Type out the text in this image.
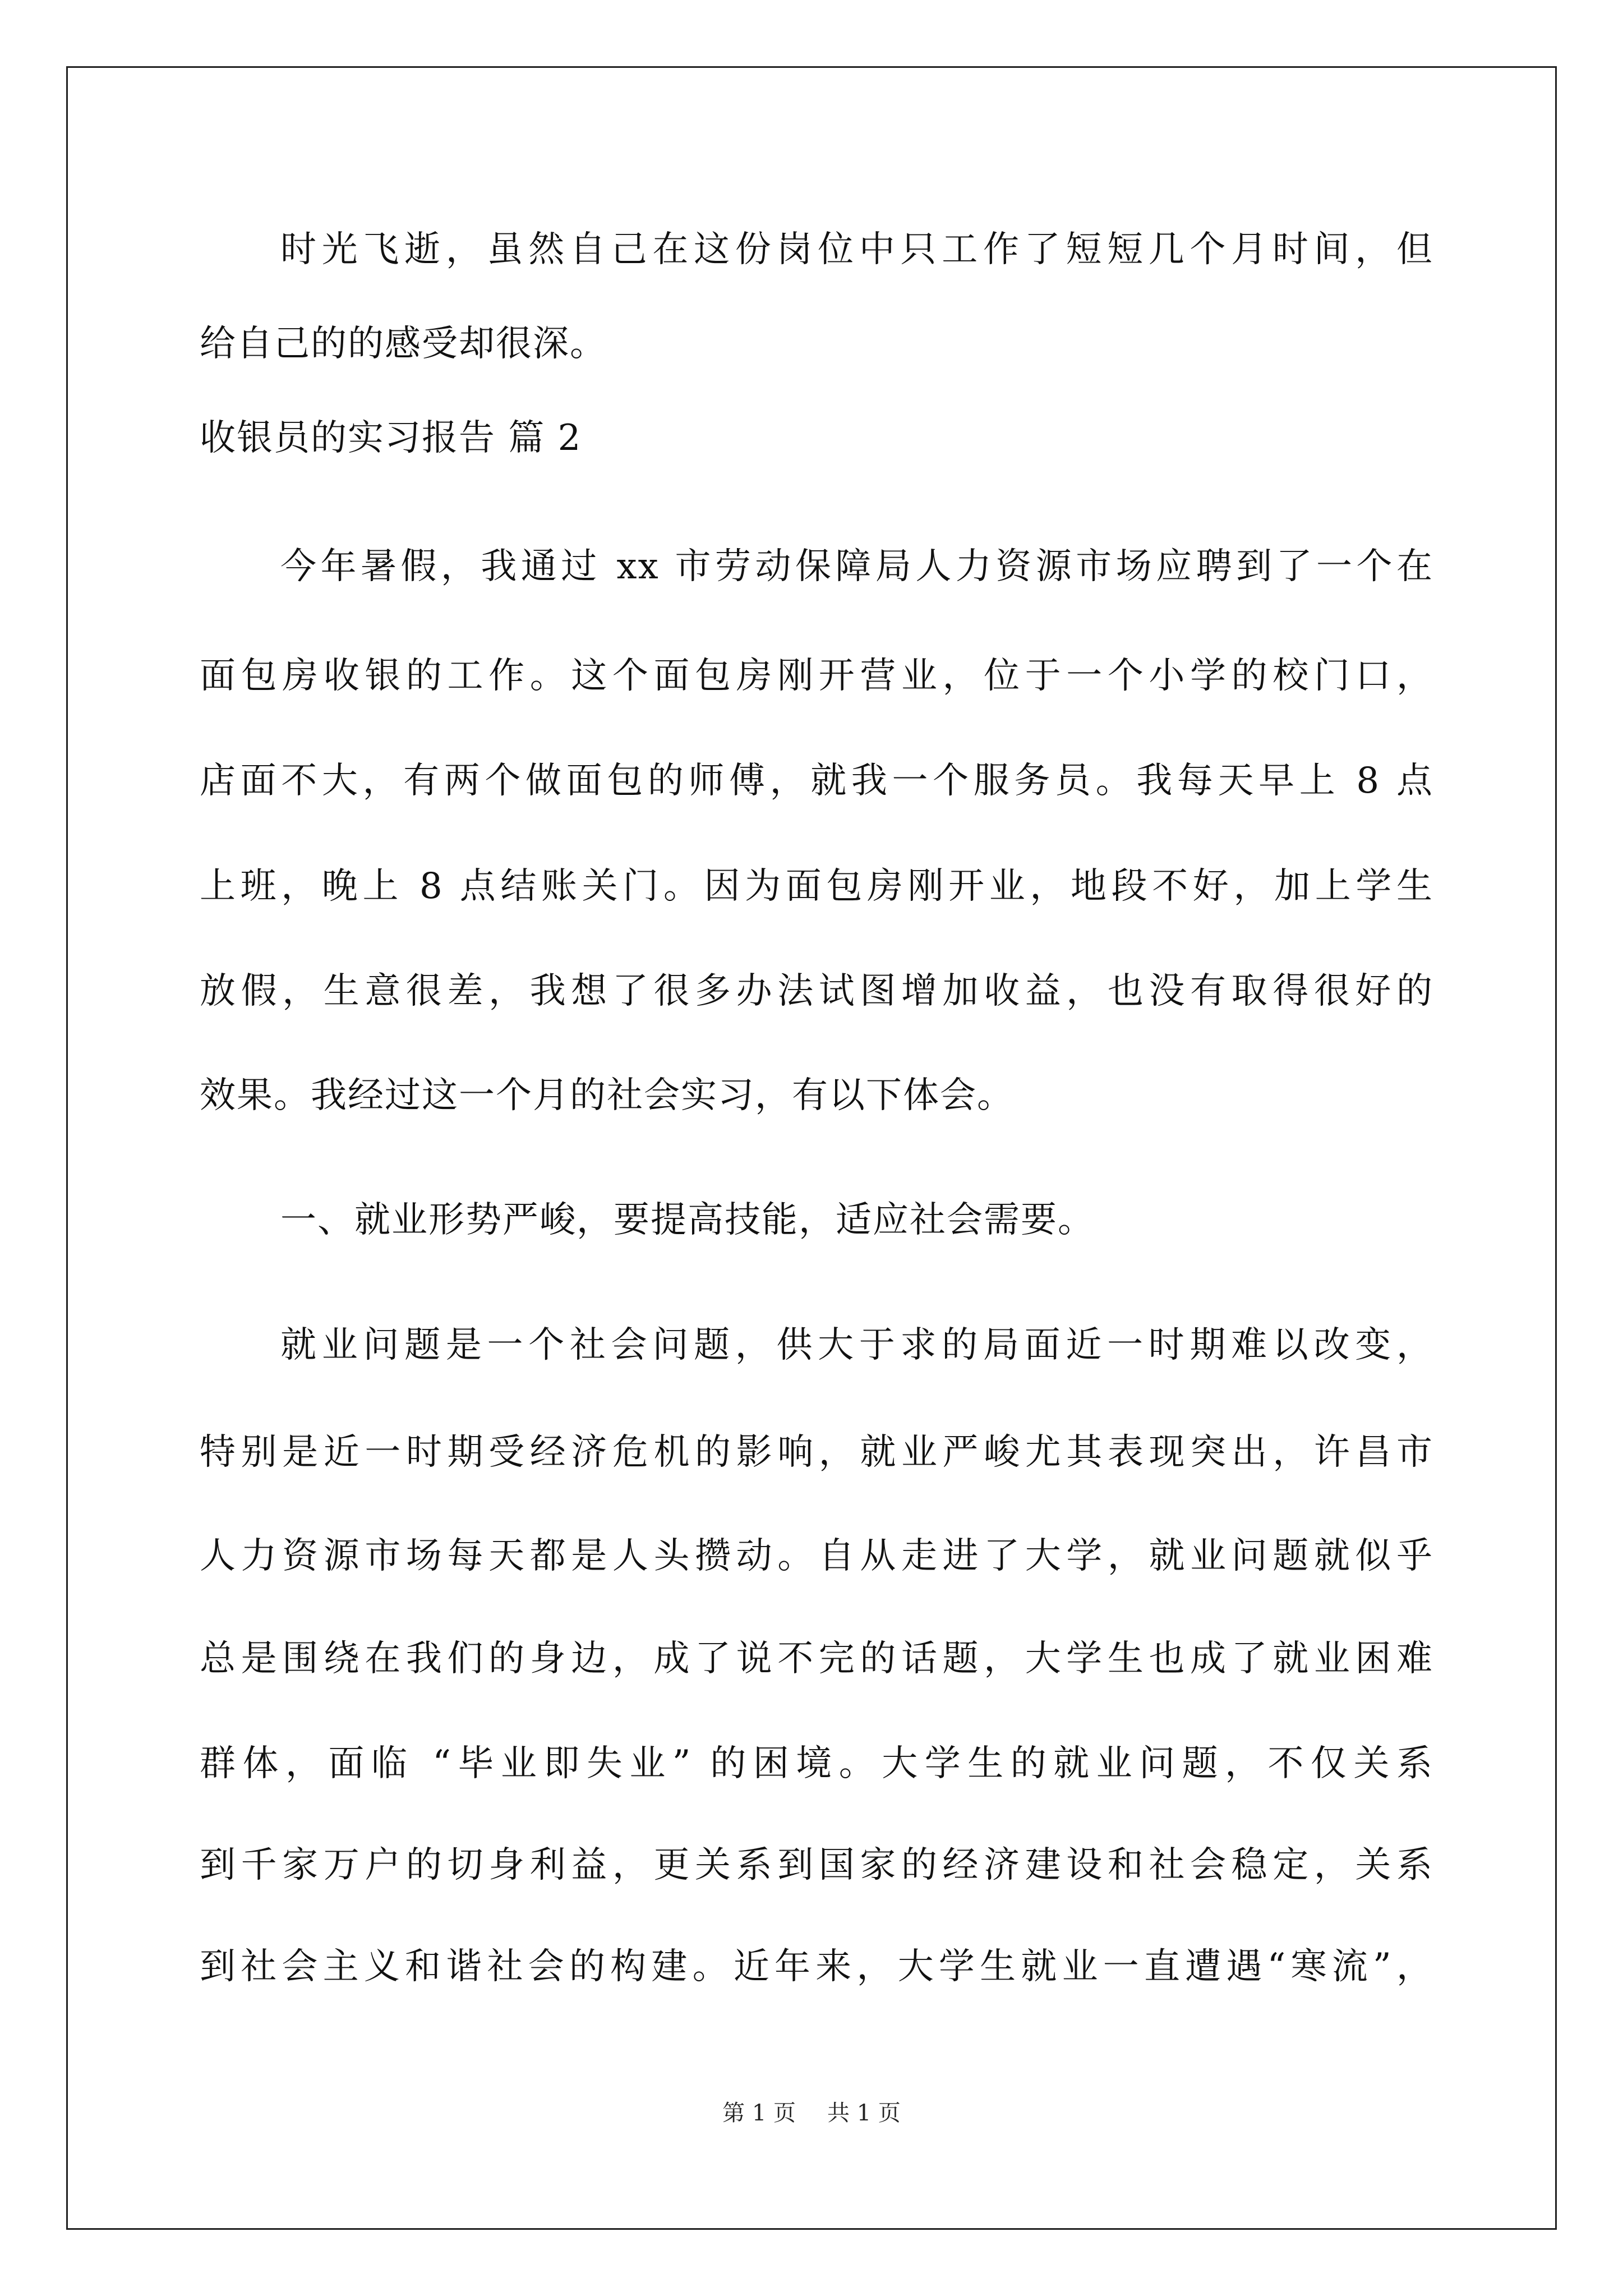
时光飞逝，虽然自己在这份岗位中只工作了短短几个月时间，但
给自己的的感受却很深。
收银员的实习报告 篇 2
今年暑假，我通过 xx 市劳动保障局人力资源市场应聘到了一个在
面包房收银的工作。这个面包房刚开营业，位于一个小学的校门口，
店面不大，有两个做面包的师傅，就我一个服务员。我每天早上 8 点
上班，晚上 8 点结账关门。因为面包房刚开业，地段不好，加上学生
放假，生意很差，我想了很多办法试图增加收益，也没有取得很好的
效果。我经过这一个月的社会实习，有以下体会。
一、就业形势严峻，要提高技能，适应社会需要。
就业问题是一个社会问题，供大于求的局面近一时期难以改变，
特别是近一时期受经济危机的影响，就业严峻尤其表现突出，许昌市
人力资源市场每天都是人头攒动。自从走进了大学，就业问题就似乎
总是围绕在我们的身边，成了说不完的话题，大学生也成了就业困难
群体，面临 “毕业即失业” 的困境。大学生的就业问题，不仅关系
到千家万户的切身利益，更关系到国家的经济建设和社会稳定，关系
到社会主义和谐社会的构建。近年来，大学生就业一直遭遇“寒流”，
第 1 页 共 1 页
